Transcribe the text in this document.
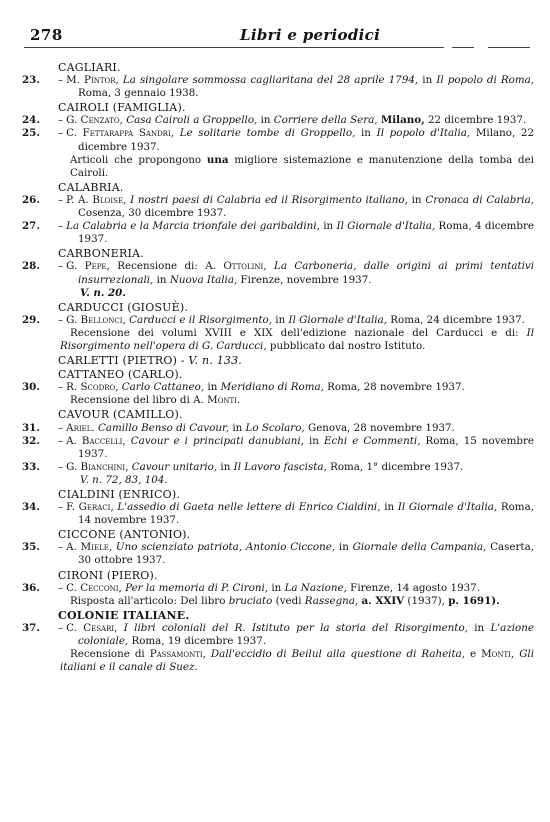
278	Libri e periodici
CAGLIARI.
23.	– M. Pintor, La singolare sommossa cagliaritana del 28 aprile 1794, in Il popolo di Roma, Roma, 3 gennaio 1938.
CAIROLI (FAMIGLIA).
24.	– G. Cenzato, Casa Cairoli a Groppello, in Corriere della Sera, Milano, 22 dicembre 1937.
25.	– C. Fettarappa Sandri, Le solitarie tombe di Groppello, in Il popolo d'Italia, Milano, 22 dicembre 1937.
Articoli che propongono una migliore sistemazione e manutenzione della tomba dei Cairoli.
CALABRIA.
26.	– P. A. Bloise, I nostri paesi di Calabria ed il Risorgimento italiano, in Cronaca di Calabria, Cosenza, 30 dicembre 1937.
27.	– La Calabria e la Marcia trionfale dei garibaldini, in Il Giornale d'Italia, Roma, 4 dicembre 1937.
CARBONERIA.
28.	– G. Pepe, Recensione di: A. Ottolini, La Carboneria, dalle origini ai primi tentativi insurrezionali, in Nuova Italia, Firenze, novembre 1937.
V. n. 20.
CARDUCCI (GIOSUÈ).
29.	– G. Bellonci, Carducci e il Risorgimento, in Il Giornale d'Italia, Roma, 24 dicembre 1937.
Recensione dei volumi XVIII e XIX dell'edizione nazionale del Carducci e di: Il Risorgimento nell'opera di G. Carducci, pubblicato dal nostro Istituto.
CARLETTI (PIETRO) - V. n. 133.
CATTANEO (CARLO).
30.	– R. Scodro, Carlo Cattaneo, in Meridiano di Roma, Roma, 28 novembre 1937.
Recensione del libro di A. Monti.
CAVOUR (CAMILLO).
31.	– Ariel. Camillo Benso di Cavour, in Lo Scolaro, Genova, 28 novembre 1937.
32.	– A. Baccelli, Cavour e i principati danubiani, in Echi e Commenti, Roma, 15 novembre 1937.
33.	– G. Bianchini, Cavour unitario, in Il Lavoro fascista, Roma, 1° dicembre 1937.
V. n. 72, 83, 104.
CIALDINI (ENRICO).
34.	– F. Geraci, L'assedio di Gaeta nelle lettere di Enrico Cialdini, in Il Giornale d'Italia, Roma, 14 novembre 1937.
CICCONE (ANTONIO).
35.	– A. Miele, Uno scienziato patriota, Antonio Ciccone, in Giornale della Campania, Caserta, 30 ottobre 1937.
CIRONI (PIERO).
36.	– C. Cecconi, Per la memoria di P. Cironi, in La Nazione, Firenze, 14 agosto 1937.
Risposta all'articolo: Del libro bruciato (vedi Rassegna, a. XXIV (1937), p. 1691).
COLONIE ITALIANE.
37.	– C. Cesari, I libri coloniali del R. Istituto per la storia del Risorgimento, in L'azione coloniale, Roma, 19 dicembre 1937.
Recensione di Passamonti, Dall'eccidio di Beilul alla questione di Raheita, e Monti, Gli italiani e il canale di Suez.
